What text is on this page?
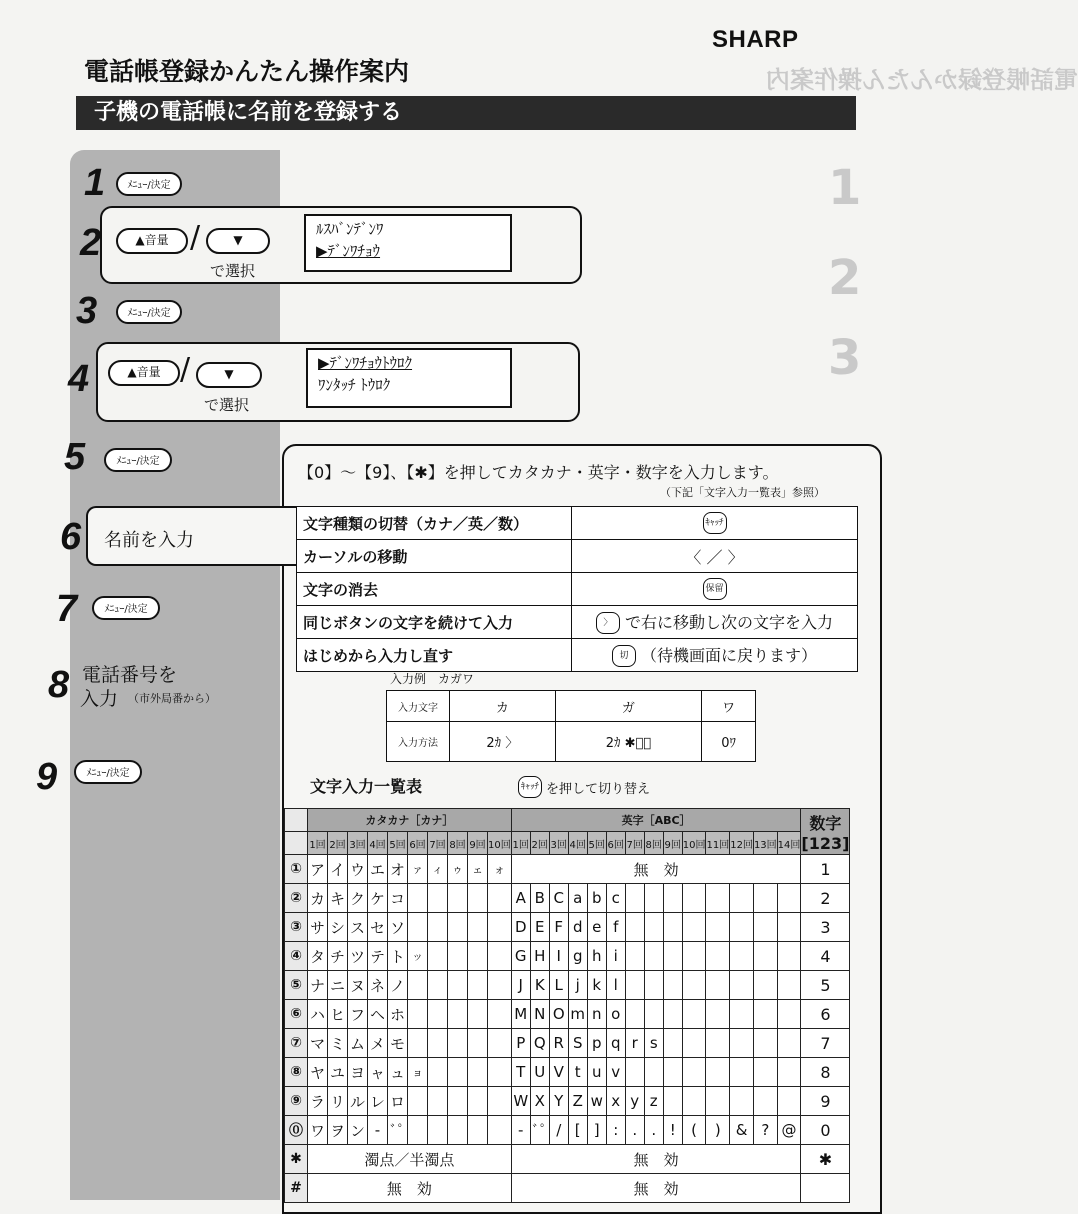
電話帳登録かんたん操作案内
1
2
3
SHARP
電話帳登録かんたん操作案内
子機の電話帳に名前を登録する
1	ﾒﾆｭｰ/決定
2	▲音量 /	▼
で選択
ﾙｽﾊﾞﾝﾃﾞﾝﾜ
▶ﾃﾞﾝﾜﾁｮｳ
3	ﾒﾆｭｰ/決定
4	▲音量 /	▼
で選択
▶ﾃﾞﾝﾜﾁｮｳﾄｳﾛｸ
ﾜﾝﾀｯﾁ ﾄｳﾛｸ
5	ﾒﾆｭｰ/決定
【0】～【9】、【✱】を押してカタカナ・英字・数字を入力します。
（下記「文字入力一覧表」参照）
6 名前を入力
文字種類の切替（カナ／英／数）	ｷｬｯﾁ
カーソルの移動	〈 ／ 〉
文字の消去	保留
同じボタンの文字を続けて入力	〉 で右に移動し次の文字を入力
はじめから入力し直す	切 （待機画面に戻ります）
7	ﾒﾆｭｰ/決定
8 電話番号を
入力 （市外局番から）
9	ﾒﾆｭｰ/決定
入力例　カガワ
入力文字	カ	ガ	ワ
入力方法	2ｶ 〉	2ｶ ✱ﾞﾟ	0ﾜ
文字入力一覧表	ｷｬｯﾁ を押して切り替え
	カタカナ［カナ］										英字［ABC］														数字
[123]

	1回	2回	3回	4回	5回	6回	7回	8回	9回	10回	1回	2回	3回	4回	5回	6回	7回	8回	9回	10回	11回	12回	13回	14回	
①	ア	イ	ウ	エ	オ	ァ	ィ	ゥ	ェ	ォ	無　効														1
②	カ	キ	ク	ケ	コ						A	B	C	a	b	c									2
③	サ	シ	ス	セ	ソ						D	E	F	d	e	f									3
④	タ	チ	ツ	テ	ト	ッ					G	H	I	g	h	i									4
⑤	ナ	ニ	ヌ	ネ	ノ						J	K	L	j	k	l									5
⑥	ハ	ヒ	フ	ヘ	ホ						M	N	O	m	n	o									6
⑦	マ	ミ	ム	メ	モ						P	Q	R	S	p	q	r	s							7
⑧	ヤ	ユ	ヨ	ャ	ュ	ョ					T	U	V	t	u	v									8
⑨	ラ	リ	ル	レ	ロ						W	X	Y	Z	w	x	y	z							9
⓪	ワ	ヲ	ン	-	ﾞﾟ						-	ﾞﾟ	/	[	]	:	.	.	!	(	)	&	?	@	0
✱	濁点／半濁点										無　効														✱
#	無　効										無　効														
